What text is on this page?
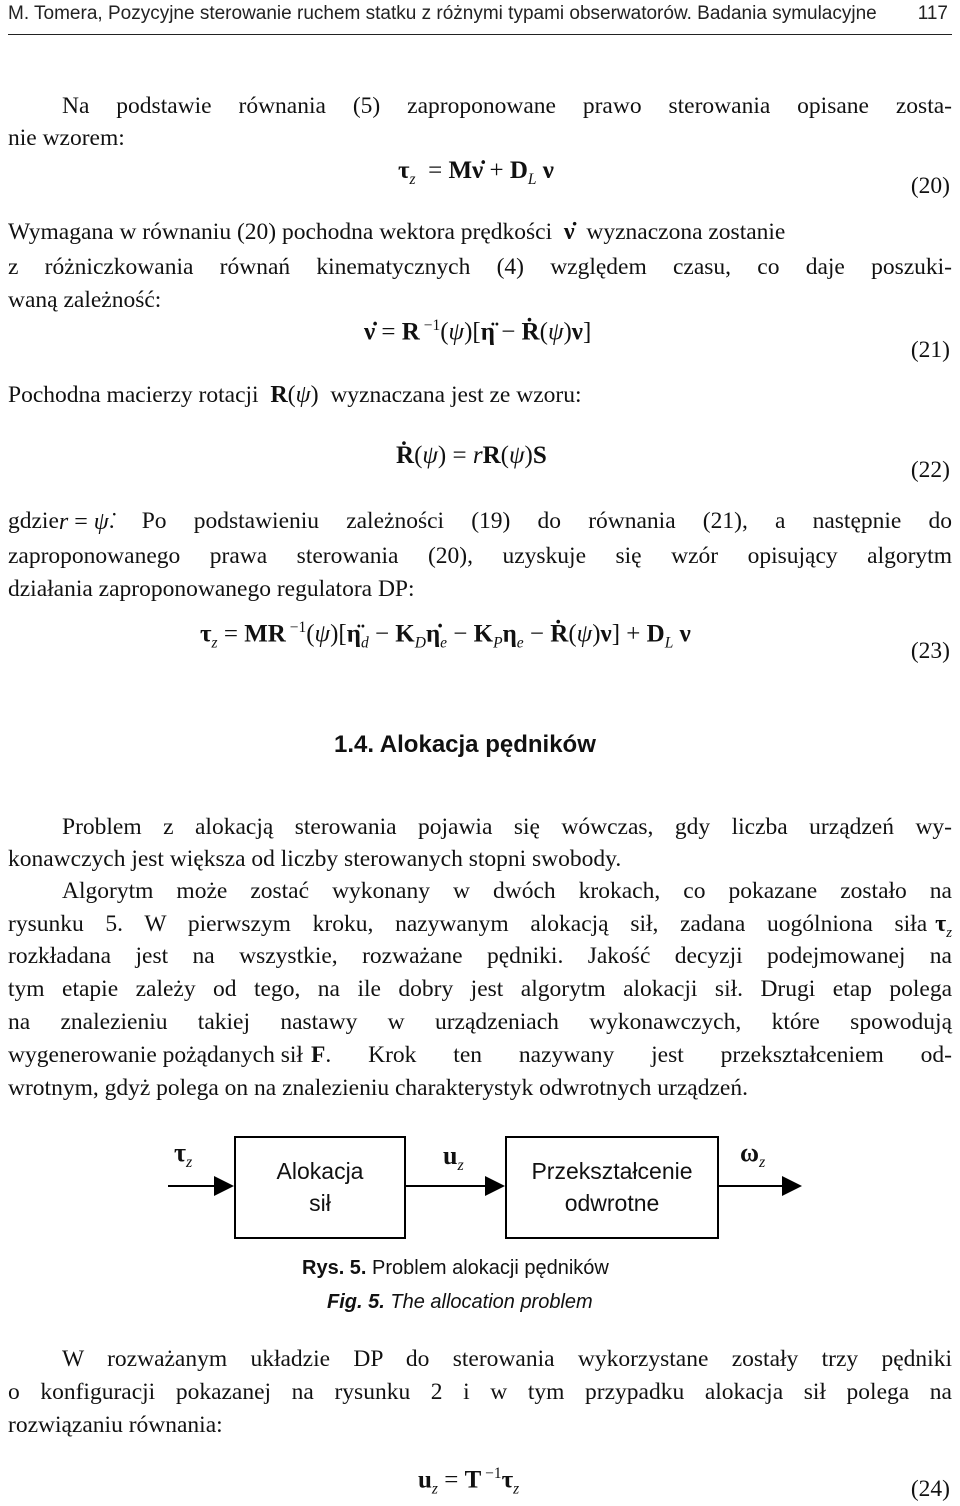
M. Tomera, Pozycyjne sterowanie ruchem statku z różnymi typami obserwatorów. Badania symulacyjne 117
Na podstawie równania (5) zaproponowane prawo sterowania opisane zosta-
nie wzorem:
$\tau_z$  = Mν̇ + $D_L$ ν
(20)
Wymagana w równaniu (20) pochodna wektora prędkości ν̇ wyznaczona zostanie
z różniczkowania równań kinematycznych (4) względem czasu, co daje poszuki-
waną zależność:
ν̇ = R $^{-1}$(ψ)[η̈ − Ṙ(ψ)ν]
(21)
Pochodna macierzy rotacji R(ψ) wyznaczana jest ze wzoru:
Ṙ(ψ) = rR(ψ)S
(22)
gdzie r = ψ̇ . Po podstawieniu zależności (19) do równania (21), a następnie do
zaproponowanego prawa sterowania (20), uzyskuje się wzór opisujący algorytm
działania zaproponowanego regulatora DP:
$\tau_z$ = MR $^{-1}(\psi)[\etä_d$ − $K_D\etȧ_e - K_P\eta_e$ − Ṙ(ψ)ν] + $D_L$ ν
(23)
1.4. Alokacja pędników
Problem z alokacją sterowania pojawia się wówczas, gdy liczba urządzeń wy-
konawczych jest większa od liczby sterowanych stopni swobody.
Algorytm może zostać wykonany w dwóch krokach, co pokazane zostało na
rysunku 5. W pierwszym kroku, nazywanym alokacją sił, zadana uogólniona siła $\tau_z$
rozkładana jest na wszystkie, rozważane pędniki. Jakość decyzji podejmowanej na
tym etapie zależy od tego, na ile dobry jest algorytm alokacji sił. Drugi etap polega
na znalezieniu takiej nastawy w urządzeniach wykonawczych, które spowodują
wygenerowanie pożądanych sił F . Krok ten nazywany jest przekształceniem od-
wrotnym, gdyż polega on na znalezieniu charakterystyk odwrotnych urządzeń.
$\tau_z$	Alokacja
sił
$u_z$	Przekształcenie
odwrotne
$\omega_z$
Rys. 5. Problem alokacji pędników
Fig. 5. The allocation problem
W rozważanym układzie DP do sterowania wykorzystane zostały trzy pędniki
o konfiguracji pokazanej na rysunku 2 i w tym przypadku alokacja sił polega na
rozwiązaniu równania:
$u_z = T$ $^{-1}\tau_z$	(24)
